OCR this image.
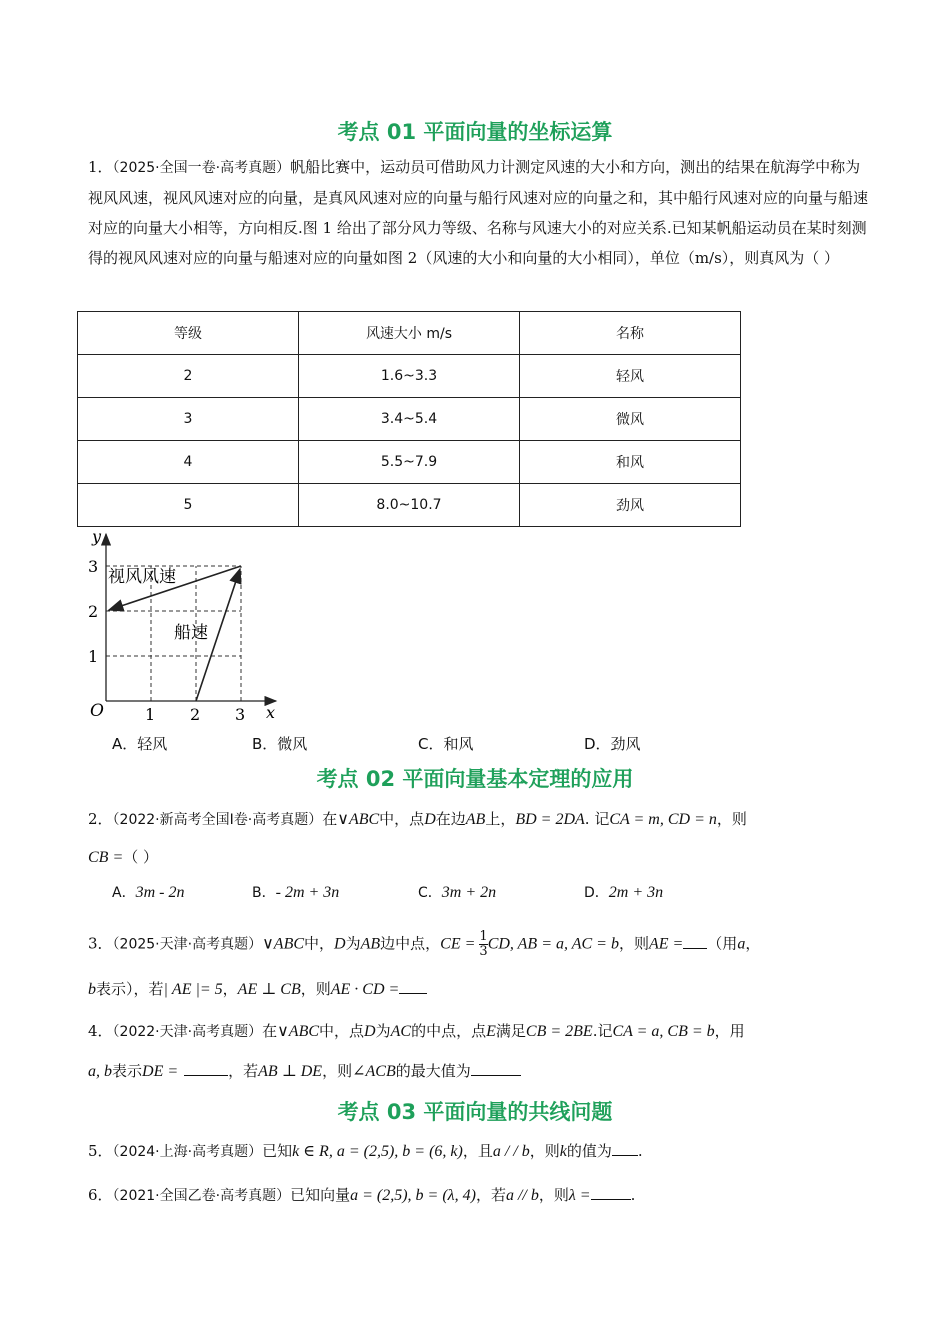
考点 01 平面向量的坐标运算
1．（2025·全国一卷·高考真题）帆船比赛中，运动员可借助风力计测定风速的大小和方向，测出的结果在航海学中称为视风风速，视风风速对应的向量，是真风风速对应的向量与船行风速对应的向量之和，其中船行风速对应的向量与船速对应的向量大小相等，方向相反.图 1 给出了部分风力等级、名称与风速大小的对应关系.已知某帆船运动员在某时刻测得的视风风速对应的向量与船速对应的向量如图 2（风速的大小和向量的大小相同），单位（m/s），则真风为（ ）
等级	风速大小 m/s	名称
2	1.6~3.3	轻风
3	3.4~5.4	微风
4	5.5~7.9	和风
5	8.0~10.7	劲风
y
x
O	1 2 3
1
2
3
视风风速
船速
A．轻风	B．微风	C．和风	D．劲风
考点 02 平面向量基本定理的应用
2．（2022·新高考全国Ⅰ卷·高考真题）在∨ABC中，点D在边AB上，BD = 2DA. 记CA = m, CD = n，则
CB =（ ）
A．3m - 2n	B．- 2m + 3n	C．3m + 2n	D．2m + 3n
3．（2025·天津·高考真题）∨ABC中，D为AB边中点，CE = $\frac{1}{3}$ CD, AB = a, AC = b，则AE = （用a，
b表示），若| AE |= 5，AE ⊥ CB，则AE · CD =
4．（2022·天津·高考真题）在∨ABC中，点D为AC的中点，点E满足CB = 2BE.记CA = a, CB = b，用
a, b表示DE =	，若AB ⊥ DE，则∠ACB的最大值为
考点 03 平面向量的共线问题
5．（2024·上海·高考真题）已知k ∈ R, a = (2,5), b = (6, k)，且a / / b，则k的值为 .
6．（2021·全国乙卷·高考真题）已知向量a = (2,5), b = (λ, 4)，若a // b，则λ =	.
